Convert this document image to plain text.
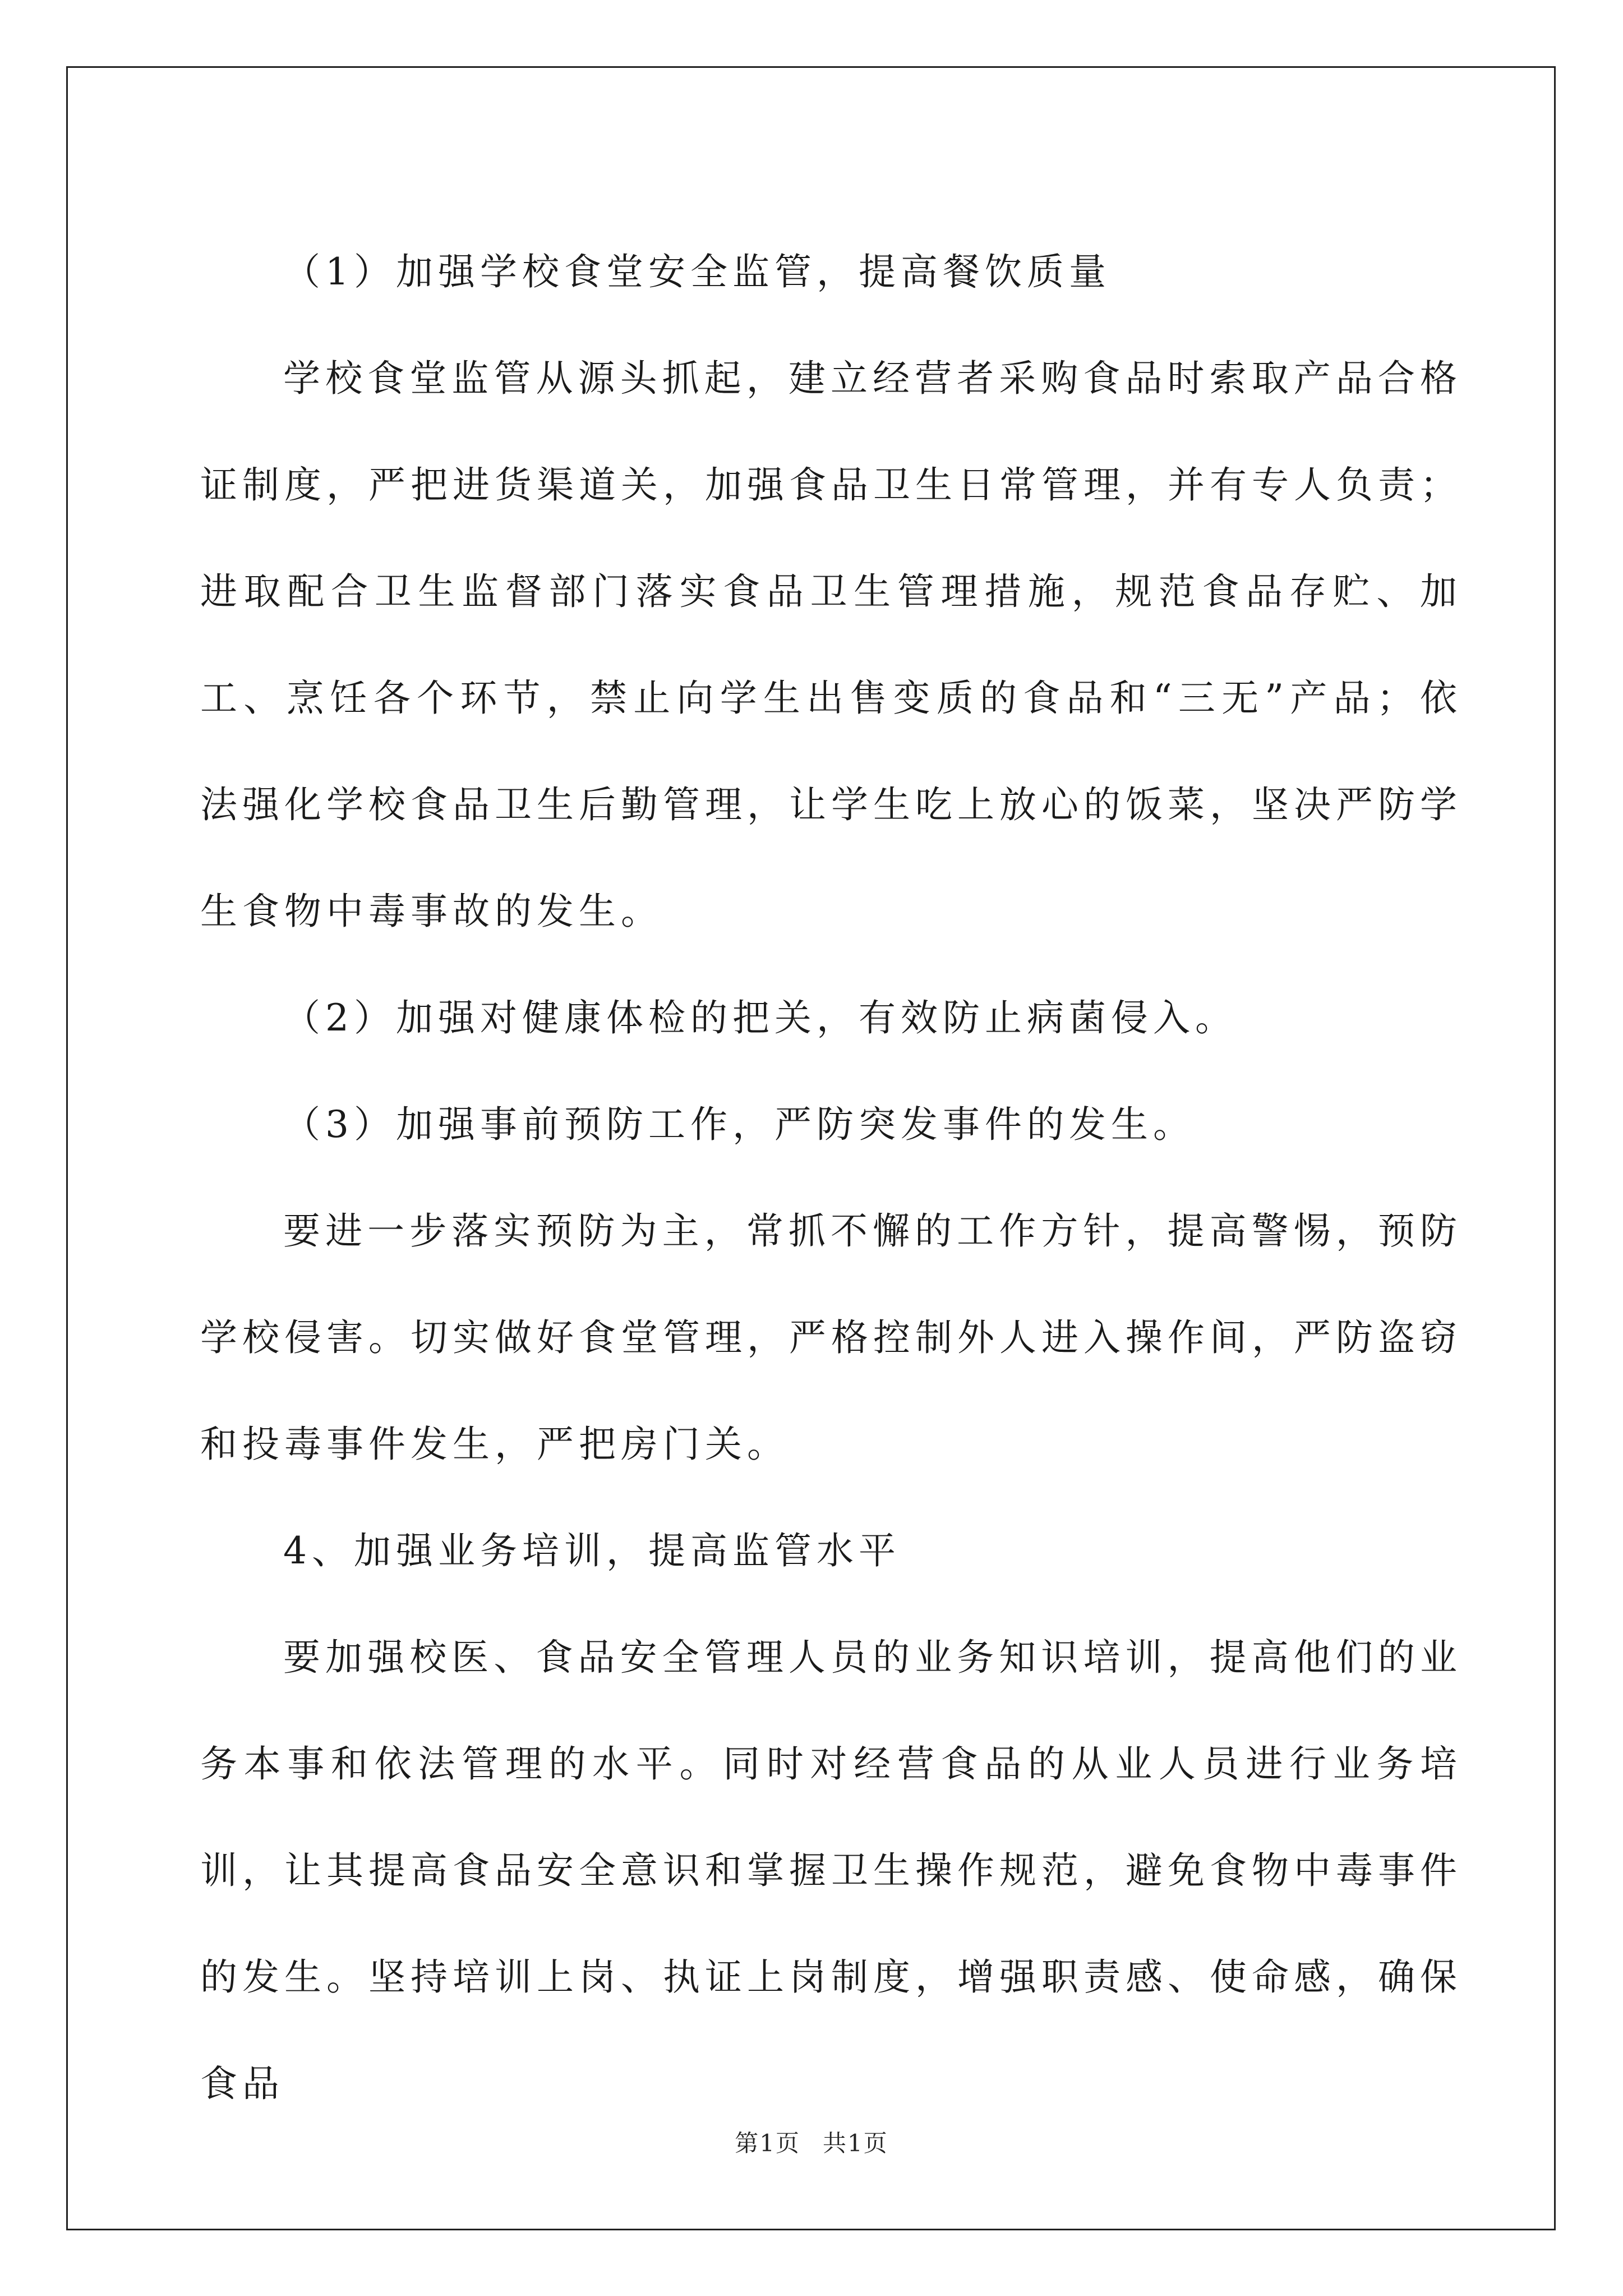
（1）加强学校食堂安全监管，提高餐饮质量

学校食堂监管从源头抓起，建立经营者采购食品时索取产品合格证制度，严把进货渠道关，加强食品卫生日常管理，并有专人负责；进取配合卫生监督部门落实食品卫生管理措施，规范食品存贮、加工、烹饪各个环节，禁止向学生出售变质的食品和“三无”产品；依法强化学校食品卫生后勤管理，让学生吃上放心的饭菜，坚决严防学生食物中毒事故的发生。

（2）加强对健康体检的把关，有效防止病菌侵入。

（3）加强事前预防工作，严防突发事件的发生。

要进一步落实预防为主，常抓不懈的工作方针，提高警惕，预防学校侵害。切实做好食堂管理，严格控制外人进入操作间，严防盗窃和投毒事件发生，严把房门关。

4、加强业务培训，提高监管水平

要加强校医、食品安全管理人员的业务知识培训，提高他们的业务本事和依法管理的水平。同时对经营食品的从业人员进行业务培训，让其提高食品安全意识和掌握卫生操作规范，避免食物中毒事件的发生。坚持培训上岗、执证上岗制度，增强职责感、使命感，确保食品

第1页 共1页
